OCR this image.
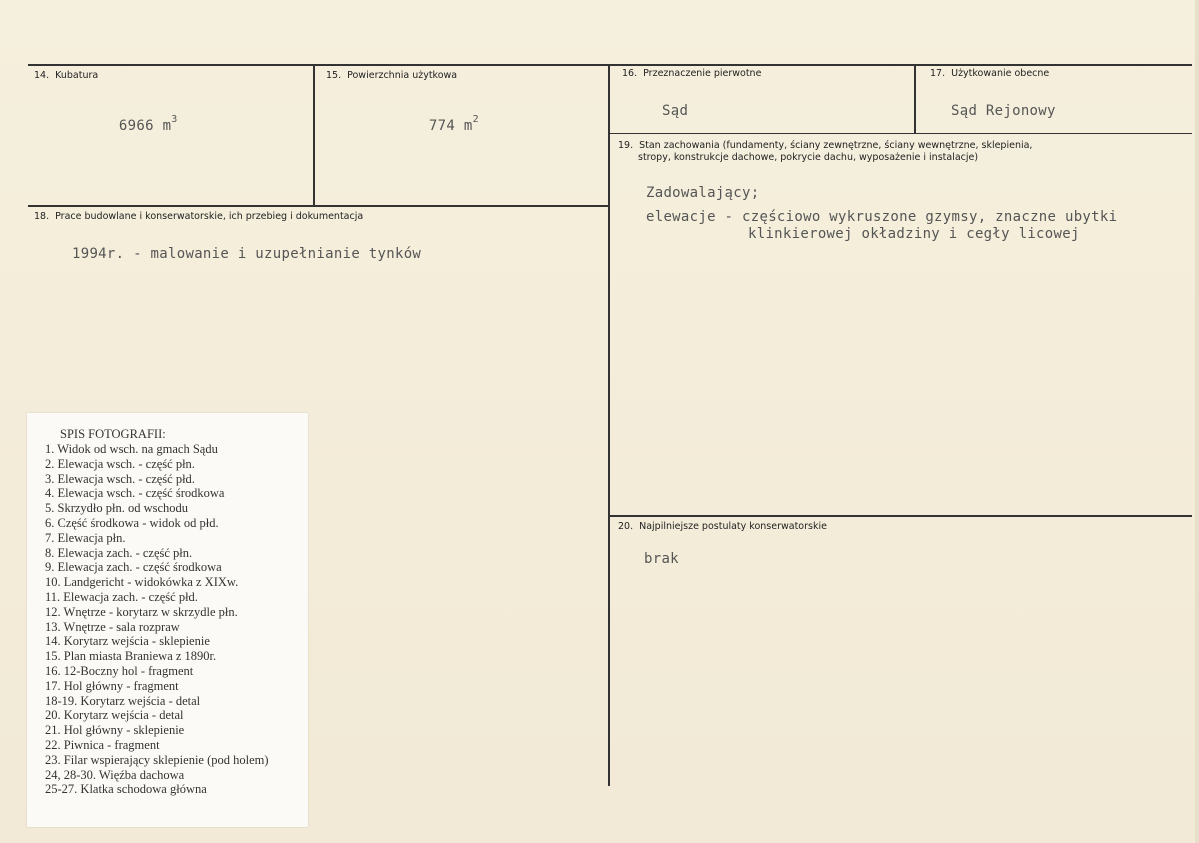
14. Kubatura

6966 $m^3$

15. Powierzchnia użytkowa

774 $m^2$

16. Przeznaczenie pierwotne
Sąd
17. Użytkowanie obecne
Sąd Rejonowy
19. Stan zachowania (fundamenty, ściany zewnętrzne, ściany wewnętrzne, sklepienia,
stropy, konstrukcje dachowe, pokrycie dachu, wyposażenie i instalacje)
Zadowalający;
elewacje - częściowo wykruszone gzymsy, znaczne ubytki
klinkierowej okładziny i cegły licowej
18. Prace budowlane i konserwatorskie, ich przebieg i dokumentacja
1994r. - malowanie i uzupełnianie tynków
20. Najpilniejsze postulaty konserwatorskie
brak
SPIS FOTOGRAFII:
1. Widok od wsch. na gmach Sądu
2. Elewacja wsch. - część płn.
3. Elewacja wsch. - część płd.
4. Elewacja wsch. - część środkowa
5. Skrzydło płn. od wschodu
6. Część środkowa - widok od płd.
7. Elewacja płn.
8. Elewacja zach. - część płn.
9. Elewacja zach. - część środkowa
10. Landgericht - widokówka z XIXw.
11. Elewacja zach. - część płd.
12. Wnętrze - korytarz w skrzydle płn.
13. Wnętrze - sala rozpraw
14. Korytarz wejścia - sklepienie
15. Plan miasta Braniewa z 1890r.
16. 12-Boczny hol - fragment
17. Hol główny - fragment
18-19. Korytarz wejścia - detal
20. Korytarz wejścia - detal
21. Hol główny - sklepienie
22. Piwnica - fragment
23. Filar wspierający sklepienie (pod holem)
24, 28-30. Więźba dachowa
25-27. Klatka schodowa główna
